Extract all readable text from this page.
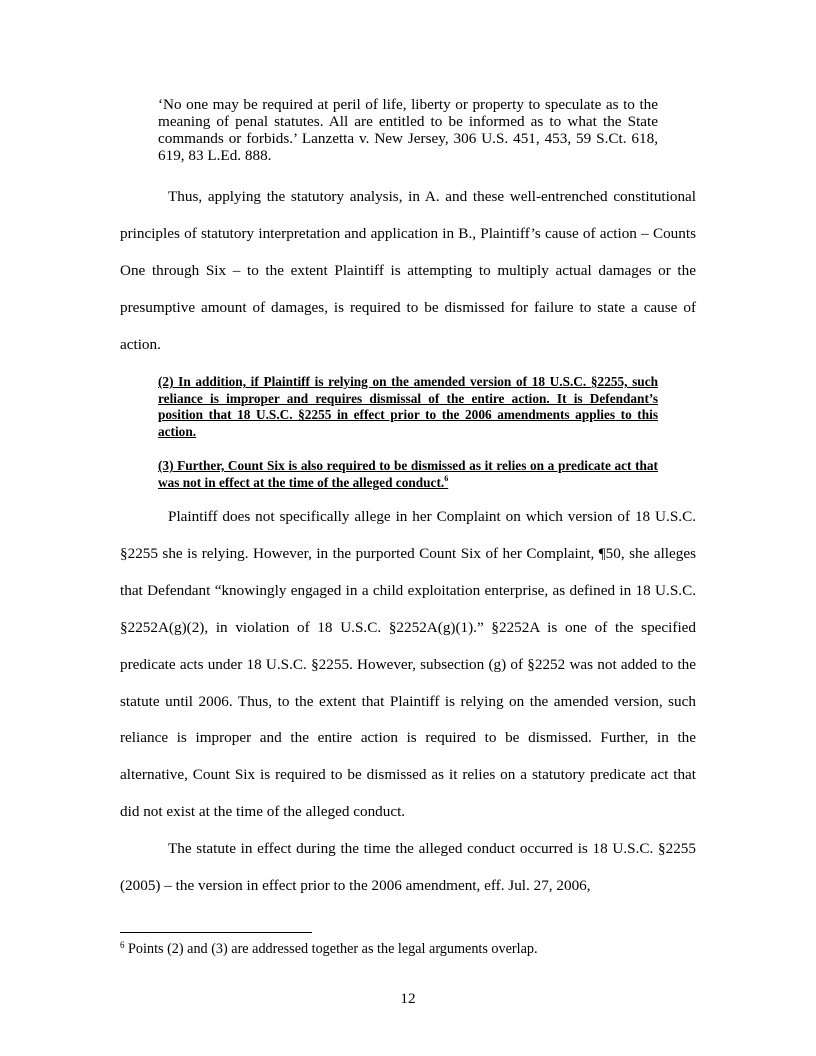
‘No one may be required at peril of life, liberty or property to speculate as to the meaning of penal statutes. All are entitled to be informed as to what the State commands or forbids.’ Lanzetta v. New Jersey, 306 U.S. 451, 453, 59 S.Ct. 618, 619, 83 L.Ed. 888.

Thus, applying the statutory analysis, in A. and these well-entrenched constitutional principles of statutory interpretation and application in B., Plaintiff’s cause of action – Counts One through Six – to the extent Plaintiff is attempting to multiply actual damages or the presumptive amount of damages, is required to be dismissed for failure to state a cause of action.

(2) In addition, if Plaintiff is relying on the amended version of 18 U.S.C. §2255, such reliance is improper and requires dismissal of the entire action. It is Defendant’s position that 18 U.S.C. §2255 in effect prior to the 2006 amendments applies to this action.

(3) Further, Count Six is also required to be dismissed as it relies on a predicate act that was not in effect at the time of the alleged conduct.$^6$

Plaintiff does not specifically allege in her Complaint on which version of 18 U.S.C. §2255 she is relying. However, in the purported Count Six of her Complaint, ¶50, she alleges that Defendant “knowingly engaged in a child exploitation enterprise, as defined in 18 U.S.C. §2252A(g)(2), in violation of 18 U.S.C. §2252A(g)(1).” §2252A is one of the specified predicate acts under 18 U.S.C. §2255. However, subsection (g) of §2252 was not added to the statute until 2006. Thus, to the extent that Plaintiff is relying on the amended version, such reliance is improper and the entire action is required to be dismissed. Further, in the alternative, Count Six is required to be dismissed as it relies on a statutory predicate act that did not exist at the time of the alleged conduct.

The statute in effect during the time the alleged conduct occurred is 18 U.S.C. §2255 (2005) – the version in effect prior to the 2006 amendment, eff. Jul. 27, 2006,

$^6$ Points (2) and (3) are addressed together as the legal arguments overlap.

12
